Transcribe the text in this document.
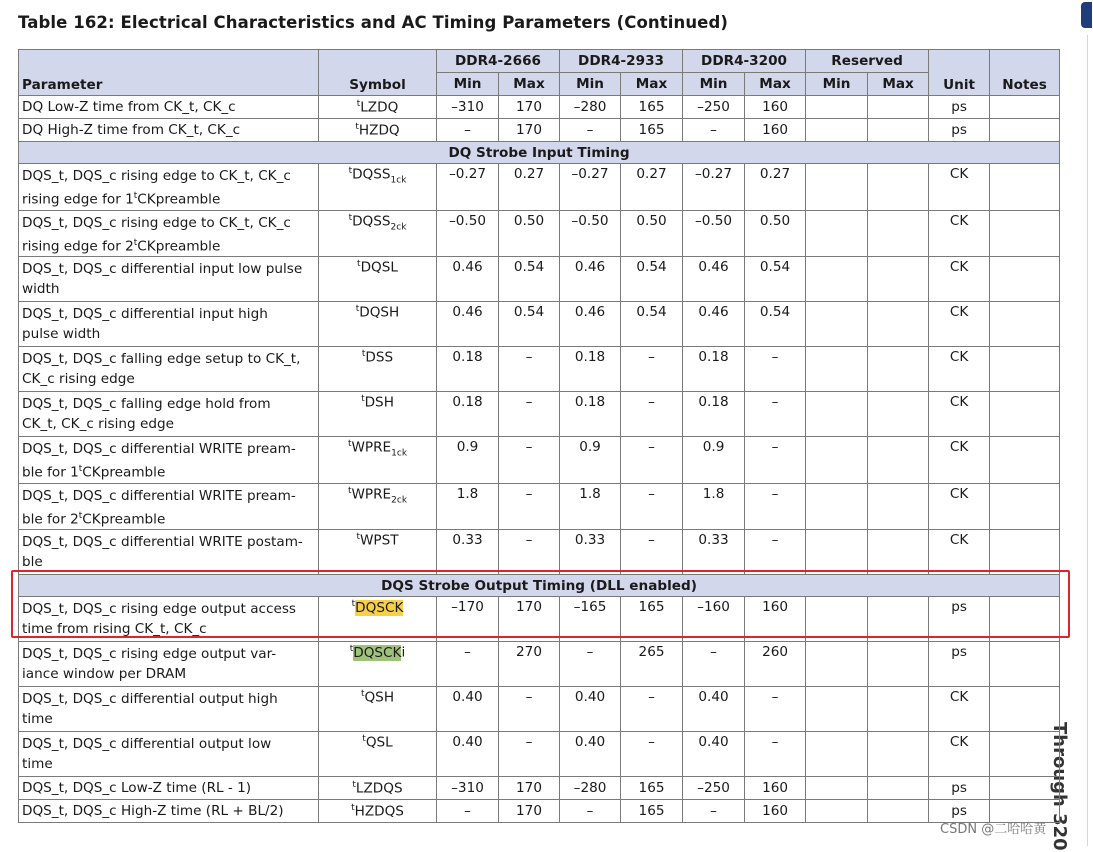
Table 162: Electrical Characteristics and AC Timing Parameters (Continued)
Through 320
CSDN @二哈哈黄
Parameter	Symbol	DDR4-2666		DDR4-2933		DDR4-3200		Reserved		Unit	Notes
		Min	Max	Min	Max	Min	Max	Min	Max		
DQ Low-Z time from CK_t, CK_c	$^t$LZDQ	–310	170	–280	165	–250	160			ps	
DQ High-Z time from CK_t, CK_c	$^t$HZDQ	–	170	–	165	–	160			ps	
DQ Strobe Input Timing											
DQS_t, DQS_c rising edge to CK_t, CK_c
rising edge for 1$^t$CKpreamble	$^tDQSS_{1ck}$	–0.27	0.27	–0.27	0.27	–0.27	0.27			CK	
DQS_t, DQS_c rising edge to CK_t, CK_c
rising edge for 2$^t$CKpreamble	$^tDQSS_{2ck}$	–0.50	0.50	–0.50	0.50	–0.50	0.50			CK	
DQS_t, DQS_c differential input low pulse
width	$^t$DQSL	0.46	0.54	0.46	0.54	0.46	0.54			CK	
DQS_t, DQS_c differential input high
pulse width	$^t$DQSH	0.46	0.54	0.46	0.54	0.46	0.54			CK	
DQS_t, DQS_c falling edge setup to CK_t,
CK_c rising edge	$^t$DSS	0.18	–	0.18	–	0.18	–			CK	
DQS_t, DQS_c falling edge hold from
CK_t, CK_c rising edge	$^t$DSH	0.18	–	0.18	–	0.18	–			CK	
DQS_t, DQS_c differential WRITE pream-
ble for 1$^t$CKpreamble	$^tWPRE_{1ck}$	0.9	–	0.9	–	0.9	–			CK	
DQS_t, DQS_c differential WRITE pream-
ble for 2$^t$CKpreamble	$^tWPRE_{2ck}$	1.8	–	1.8	–	1.8	–			CK	
DQS_t, DQS_c differential WRITE postam-
ble	$^t$WPST	0.33	–	0.33	–	0.33	–			CK	
DQS Strobe Output Timing (DLL enabled)											
DQS_t, DQS_c rising edge output access
time from rising CK_t, CK_c	$^t$DQSCK	–170	170	–165	165	–160	160			ps	
DQS_t, DQS_c rising edge output var-
iance window per DRAM	$^t$DQSCKi	–	270	–	265	–	260			ps	
DQS_t, DQS_c differential output high
time	$^t$QSH	0.40	–	0.40	–	0.40	–			CK	
DQS_t, DQS_c differential output low
time	$^t$QSL	0.40	–	0.40	–	0.40	–			CK	
DQS_t, DQS_c Low-Z time (RL - 1)	$^t$LZDQS	–310	170	–280	165	–250	160			ps	
DQS_t, DQS_c High-Z time (RL + BL/2)	$^t$HZDQS	–	170	–	165	–	160			ps	
